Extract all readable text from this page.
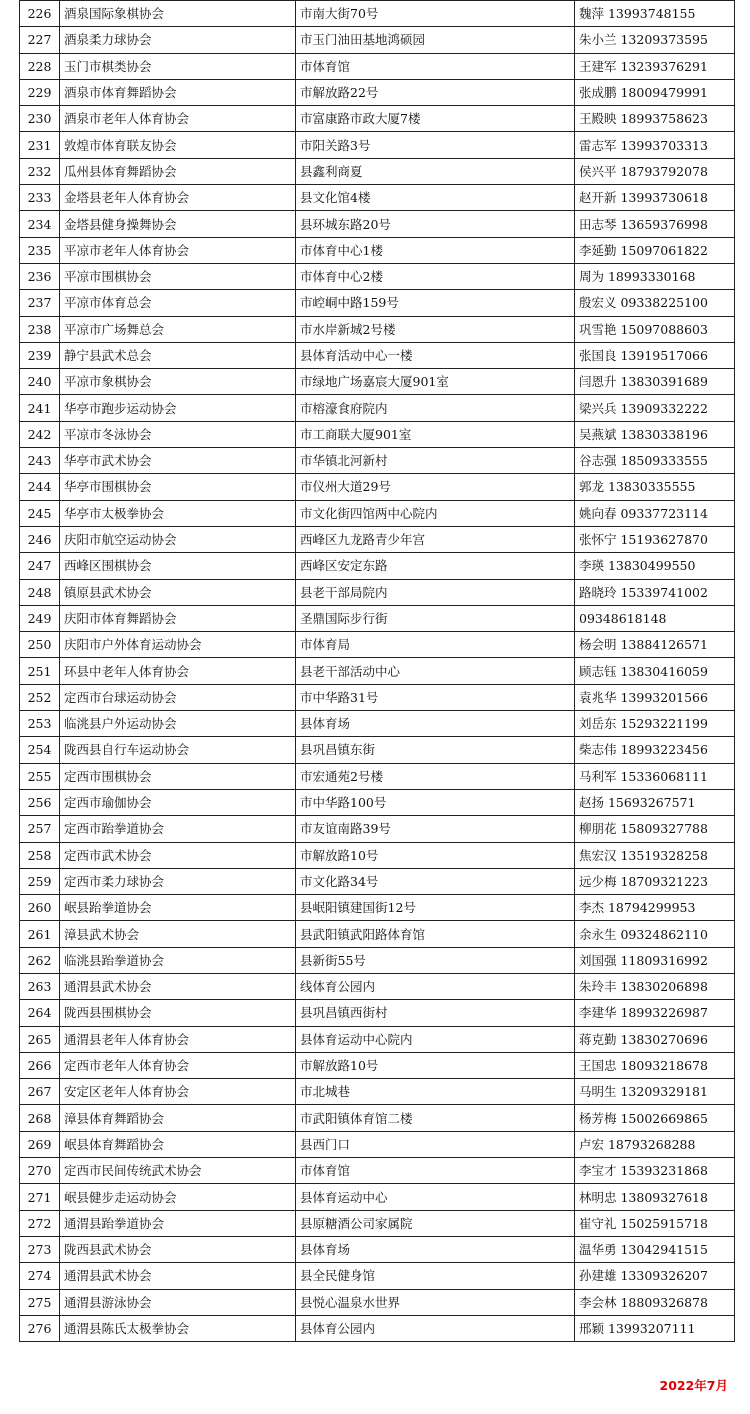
226	酒泉国际象棋协会	市南大街70号	魏萍 13993748155
227	酒泉柔力球协会	市玉门油田基地鸿硕园	朱小兰 13209373595
228	玉门市棋类协会	市体育馆	王建军 13239376291
229	酒泉市体育舞蹈协会	市解放路22号	张成鹏 18009479991
230	酒泉市老年人体育协会	市富康路市政大厦7楼	王殿映 18993758623
231	敦煌市体育联友协会	市阳关路3号	雷志军 13993703313
232	瓜州县体育舞蹈协会	县鑫利商夏	侯兴平 18793792078
233	金塔县老年人体育协会	县文化馆4楼	赵开新 13993730618
234	金塔县健身操舞协会	县环城东路20号	田志琴 13659376998
235	平凉市老年人体育协会	市体育中心1楼	李延勤 15097061822
236	平凉市围棋协会	市体育中心2楼	周为 18993330168
237	平凉市体育总会	市崆峒中路159号	殷宏义 09338225100
238	平凉市广场舞总会	市水岸新城2号楼	巩雪艳 15097088603
239	静宁县武术总会	县体育活动中心一楼	张国良 13919517066
240	平凉市象棋协会	市绿地广场嘉宸大厦901室	闫恩升 13830391689
241	华亭市跑步运动协会	市榕濠食府院内	梁兴兵 13909332222
242	平凉市冬泳协会	市工商联大厦901室	吴燕斌 13830338196
243	华亭市武术协会	市华镇北河新村	谷志强 18509333555
244	华亭市围棋协会	市仪州大道29号	郭龙 13830335555
245	华亭市太极拳协会	市文化街四馆两中心院内	姚向春 09337723114
246	庆阳市航空运动协会	西峰区九龙路青少年宫	张怀宁 15193627870
247	西峰区围棋协会	西峰区安定东路	李瑛 13830499550
248	镇原县武术协会	县老干部局院内	路晓玲 15339741002
249	庆阳市体育舞蹈协会	圣鼎国际步行街	09348618148
250	庆阳市户外体育运动协会	市体育局	杨会明 13884126571
251	环县中老年人体育协会	县老干部活动中心	顾志钰 13830416059
252	定西市台球运动协会	市中华路31号	袁兆华 13993201566
253	临洮县户外运动协会	县体育场	刘岳东 15293221199
254	陇西县自行车运动协会	县巩昌镇东街	柴志伟 18993223456
255	定西市围棋协会	市宏通苑2号楼	马利军 15336068111
256	定西市瑜伽协会	市中华路100号	赵扬 15693267571
257	定西市跆拳道协会	市友谊南路39号	柳朋花 15809327788
258	定西市武术协会	市解放路10号	焦宏汉 13519328258
259	定西市柔力球协会	市文化路34号	远少梅 18709321223
260	岷县跆拳道协会	县岷阳镇建国街12号	李杰 18794299953
261	漳县武术协会	县武阳镇武阳路体育馆	余永生 09324862110
262	临洮县跆拳道协会	县新街55号	刘国强 11809316992
263	通渭县武术协会	线体育公园内	朱玲丰 13830206898
264	陇西县围棋协会	县巩昌镇西街村	李建华 18993226987
265	通渭县老年人体育协会	县体育运动中心院内	蒋克勤 13830270696
266	定西市老年人体育协会	市解放路10号	王国忠 18093218678
267	安定区老年人体育协会	市北城巷	马明生 13209329181
268	漳县体育舞蹈协会	市武阳镇体育馆二楼	杨芳梅 15002669865
269	岷县体育舞蹈协会	县西门口	卢宏 18793268288
270	定西市民间传统武术协会	市体育馆	李宝才 15393231868
271	岷县健步走运动协会	县体育运动中心	林明忠 13809327618
272	通渭县跆拳道协会	县原糖酒公司家属院	崔守礼 15025915718
273	陇西县武术协会	县体育场	温华勇 13042941515
274	通渭县武术协会	县全民健身馆	孙建雄 13309326207
275	通渭县游泳协会	县悦心温泉水世界	李会林 18809326878
276	通渭县陈氏太极拳协会	县体育公园内	邢颖 13993207111
2022年7月
